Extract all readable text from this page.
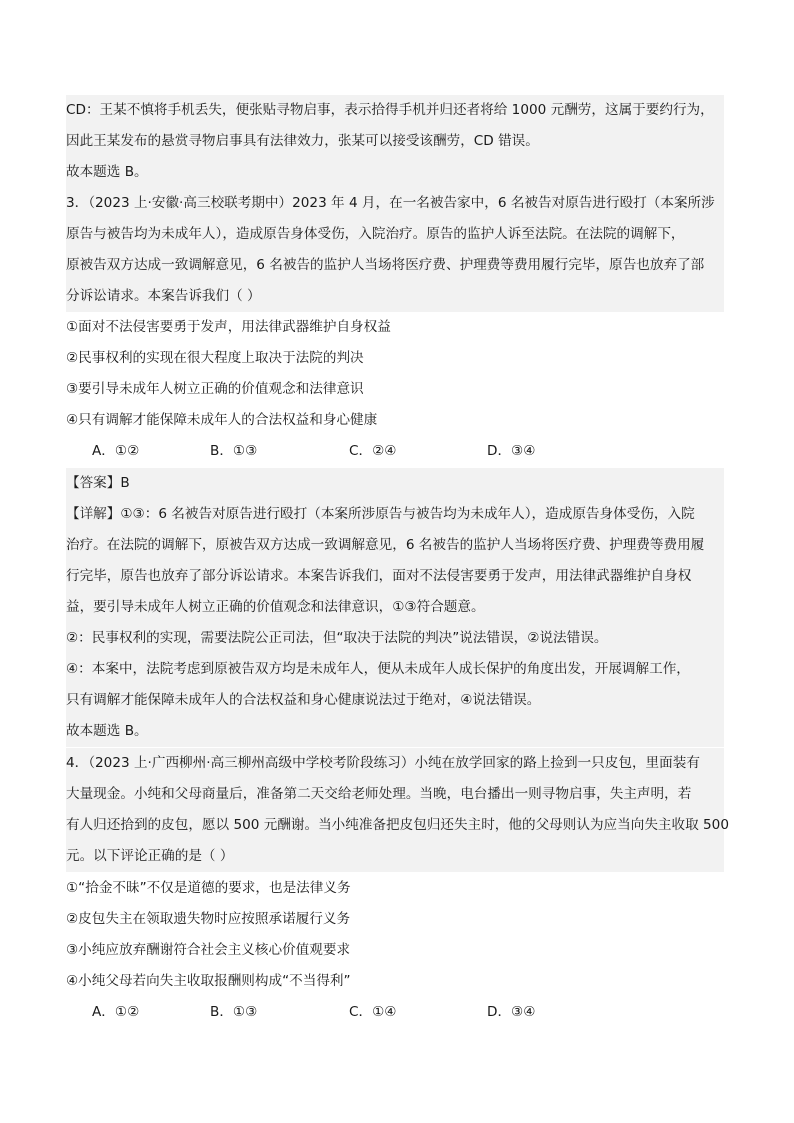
CD：王某不慎将手机丢失，便张贴寻物启事，表示拾得手机并归还者将给 1000 元酬劳，这属于要约行为，
因此王某发布的悬赏寻物启事具有法律效力，张某可以接受该酬劳，CD 错误。
故本题选 B。
3．（2023 上·安徽·高三校联考期中）2023 年 4 月，在一名被告家中，6 名被告对原告进行殴打（本案所涉
原告与被告均为未成年人），造成原告身体受伤，入院治疗。原告的监护人诉至法院。在法院的调解下，
原被告双方达成一致调解意见，6 名被告的监护人当场将医疗费、护理费等费用履行完毕，原告也放弃了部
分诉讼请求。本案告诉我们（ ）
①面对不法侵害要勇于发声，用法律武器维护自身权益
②民事权利的实现在很大程度上取决于法院的判决
③要引导未成年人树立正确的价值观念和法律意识
④只有调解才能保障未成年人的合法权益和身心健康
A．①②	B．①③	C．②④	D．③④
【答案】B
【详解】①③：6 名被告对原告进行殴打（本案所涉原告与被告均为未成年人），造成原告身体受伤，入院
治疗。在法院的调解下，原被告双方达成一致调解意见，6 名被告的监护人当场将医疗费、护理费等费用履
行完毕，原告也放弃了部分诉讼请求。本案告诉我们，面对不法侵害要勇于发声，用法律武器维护自身权
益，要引导未成年人树立正确的价值观念和法律意识，①③符合题意。
②：民事权利的实现，需要法院公正司法，但“取决于法院的判决”说法错误，②说法错误。
④：本案中，法院考虑到原被告双方均是未成年人，便从未成年人成长保护的角度出发，开展调解工作，
只有调解才能保障未成年人的合法权益和身心健康说法过于绝对，④说法错误。
故本题选 B。
4．（2023 上·广西柳州·高三柳州高级中学校考阶段练习）小纯在放学回家的路上捡到一只皮包，里面装有
大量现金。小纯和父母商量后，准备第二天交给老师处理。当晚，电台播出一则寻物启事，失主声明，若
有人归还拾到的皮包，愿以 500 元酬谢。当小纯准备把皮包归还失主时，他的父母则认为应当向失主收取 500
元。以下评论正确的是（ ）
①“拾金不昧”不仅是道德的要求，也是法律义务
②皮包失主在领取遗失物时应按照承诺履行义务
③小纯应放弃酬谢符合社会主义核心价值观要求
④小纯父母若向失主收取报酬则构成“不当得利”
A．①②	B．①③	C．①④	D．③④
